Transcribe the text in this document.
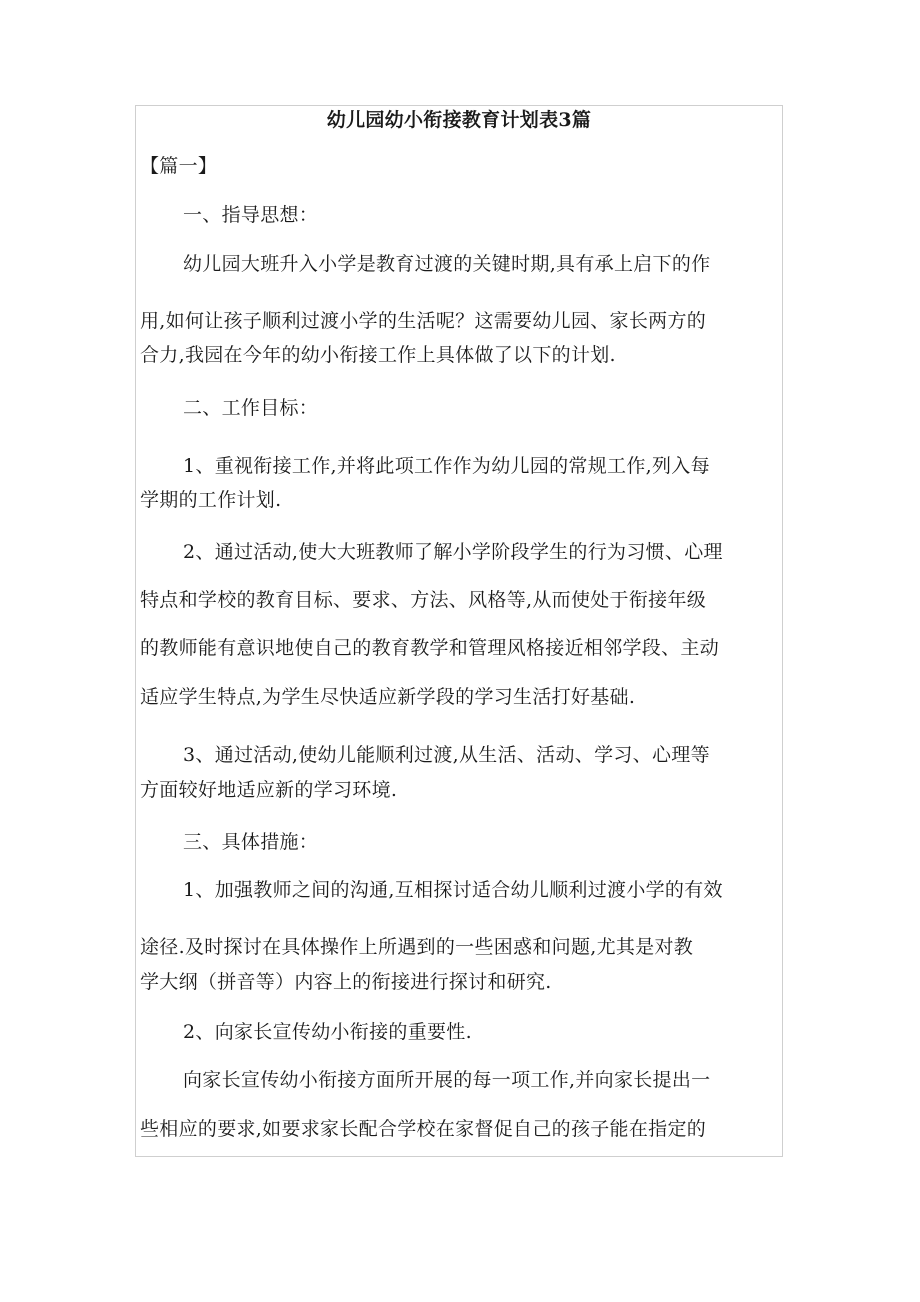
幼儿园幼小衔接教育计划表3篇
【篇一】
一、指导思想：
幼儿园大班升入小学是教育过渡的关键时期,具有承上启下的作
用,如何让孩子顺利过渡小学的生活呢？这需要幼儿园、家长两方的
合力,我园在今年的幼小衔接工作上具体做了以下的计划.
二、工作目标：
1、重视衔接工作,并将此项工作作为幼儿园的常规工作,列入每
学期的工作计划.
2、通过活动,使大大班教师了解小学阶段学生的行为习惯、心理
特点和学校的教育目标、要求、方法、风格等,从而使处于衔接年级
的教师能有意识地使自己的教育教学和管理风格接近相邻学段、主动
适应学生特点,为学生尽快适应新学段的学习生活打好基础.
3、通过活动,使幼儿能顺利过渡,从生活、活动、学习、心理等
方面较好地适应新的学习环境.
三、具体措施：
1、加强教师之间的沟通,互相探讨适合幼儿顺利过渡小学的有效
途径.及时探讨在具体操作上所遇到的一些困惑和问题,尤其是对教
学大纲（拼音等）内容上的衔接进行探讨和研究.
2、向家长宣传幼小衔接的重要性.
向家长宣传幼小衔接方面所开展的每一项工作,并向家长提出一
些相应的要求,如要求家长配合学校在家督促自己的孩子能在指定的
